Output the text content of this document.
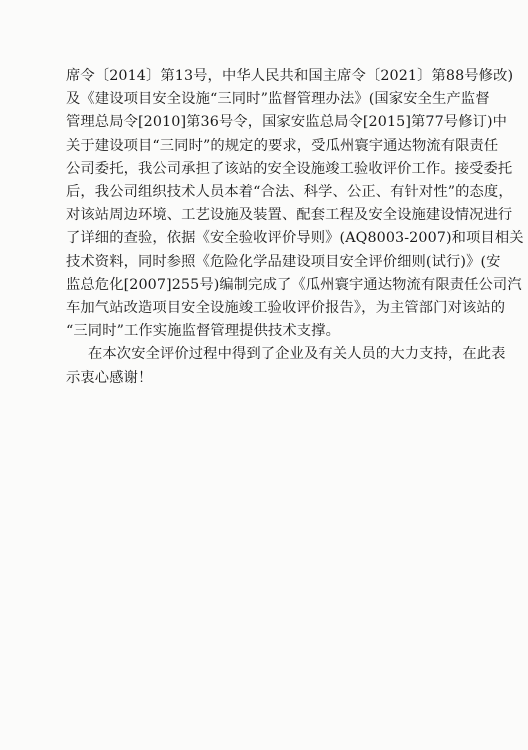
席令〔2014〕第13号，中华人民共和国主席令〔2021〕第88号修改)
及《建设项目安全设施“三同时”监督管理办法》(国家安全生产监督
管理总局令[2010]第36号令，国家安监总局令[2015]第77号修订)中
关于建设项目“三同时”的规定的要求，受瓜州寰宇通达物流有限责任
公司委托，我公司承担了该站的安全设施竣工验收评价工作。接受委托
后，我公司组织技术人员本着“合法、科学、公正、有针对性”的态度，
对该站周边环境、工艺设施及装置、配套工程及安全设施建设情况进行
了详细的查验，依据《安全验收评价导则》(AQ8003-2007)和项目相关
技术资料，同时参照《危险化学品建设项目安全评价细则(试行)》(安
监总危化[2007]255号)编制完成了《瓜州寰宇通达物流有限责任公司汽
车加气站改造项目安全设施竣工验收评价报告》，为主管部门对该站的
“三同时”工作实施监督管理提供技术支撑。
在本次安全评价过程中得到了企业及有关人员的大力支持，在此表
示衷心感谢！
